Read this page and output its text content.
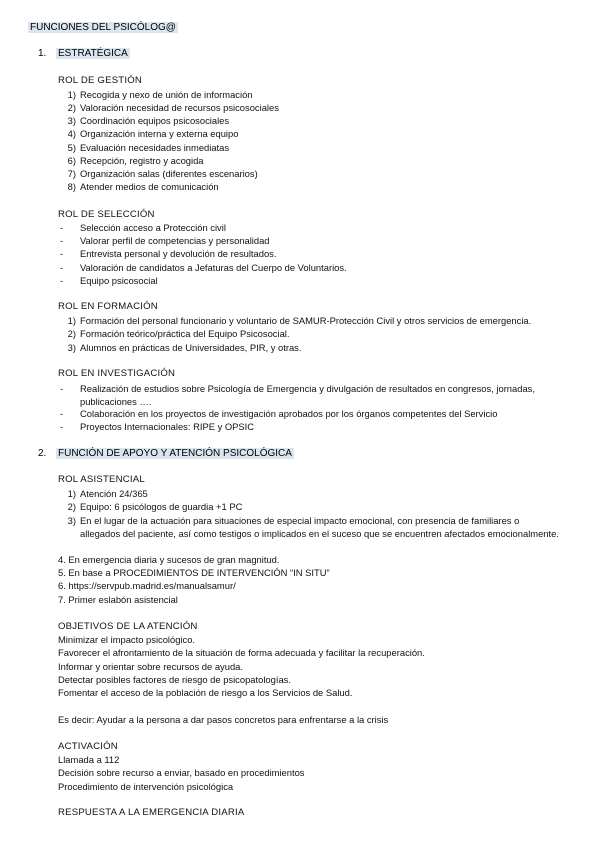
FUNCIONES DEL PSICÓLOG@
1. ESTRATÉGICA
ROL DE GESTIÓN
1) Recogida y nexo de unión de información
2) Valoración necesidad de recursos psicosociales
3) Coordinación equipos psicosociales
4) Organización interna y externa equipo
5) Evaluación necesidades inmediatas
6) Recepción, registro y acogida
7) Organización salas (diferentes escenarios)
8) Atender medios de comunicación
ROL DE SELECCIÓN
-	Selección acceso a Protección civil
-	Valorar perfil de competencias y personalidad
-	Entrevista personal y devolución de resultados.
-	Valoración de candidatos a Jefaturas del Cuerpo de Voluntarios.
-	Equipo psicosocial
ROL EN FORMACIÓN
1) Formación del personal funcionario y voluntario de SAMUR-Protección Civil y otros servicios de emergencia.
2) Formación teórico/práctica del Equipo Psicosocial.
3) Alumnos en prácticas de Universidades, PIR, y otras.
ROL EN INVESTIGACIÓN
-	Realización de estudios sobre Psicología de Emergencia y divulgación de resultados en congresos, jornadas, publicaciones ….
-	Colaboración en los proyectos de investigación aprobados por los órganos competentes del Servicio
-	Proyectos Internacionales: RIPE y OPSIC
2. FUNCIÓN DE APOYO Y ATENCIÓN PSICOLÓGICA
ROL ASISTENCIAL
1) Atención 24/365
2) Equipo: 6 psicólogos de guardia +1 PC
3) En el lugar de la actuación para situaciones de especial impacto emocional, con presencia de familiares o allegados del paciente, así como testigos o implicados en el suceso que se encuentren afectados emocionalmente.
4. En emergencia diaria y sucesos de gran magnitud.
5. En base a PROCEDIMIENTOS DE INTERVENCIÓN “IN SITU”
6. https://servpub.madrid.es/manualsamur/
7. Primer eslabón asistencial
OBJETIVOS DE LA ATENCIÓN
Minimizar el impacto psicológico.
Favorecer el afrontamiento de la situación de forma adecuada y facilitar la recuperación.
Informar y orientar sobre recursos de ayuda.
Detectar posibles factores de riesgo de psicopatologías.
Fomentar el acceso de la población de riesgo a los Servicios de Salud.
Es decir: Ayudar a la persona a dar pasos concretos para enfrentarse a la crisis
ACTIVACIÓN
Llamada a 112
Decisión sobre recurso a enviar, basado en procedimientos
Procedimiento de intervención psicológica
RESPUESTA A LA EMERGENCIA DIARIA
